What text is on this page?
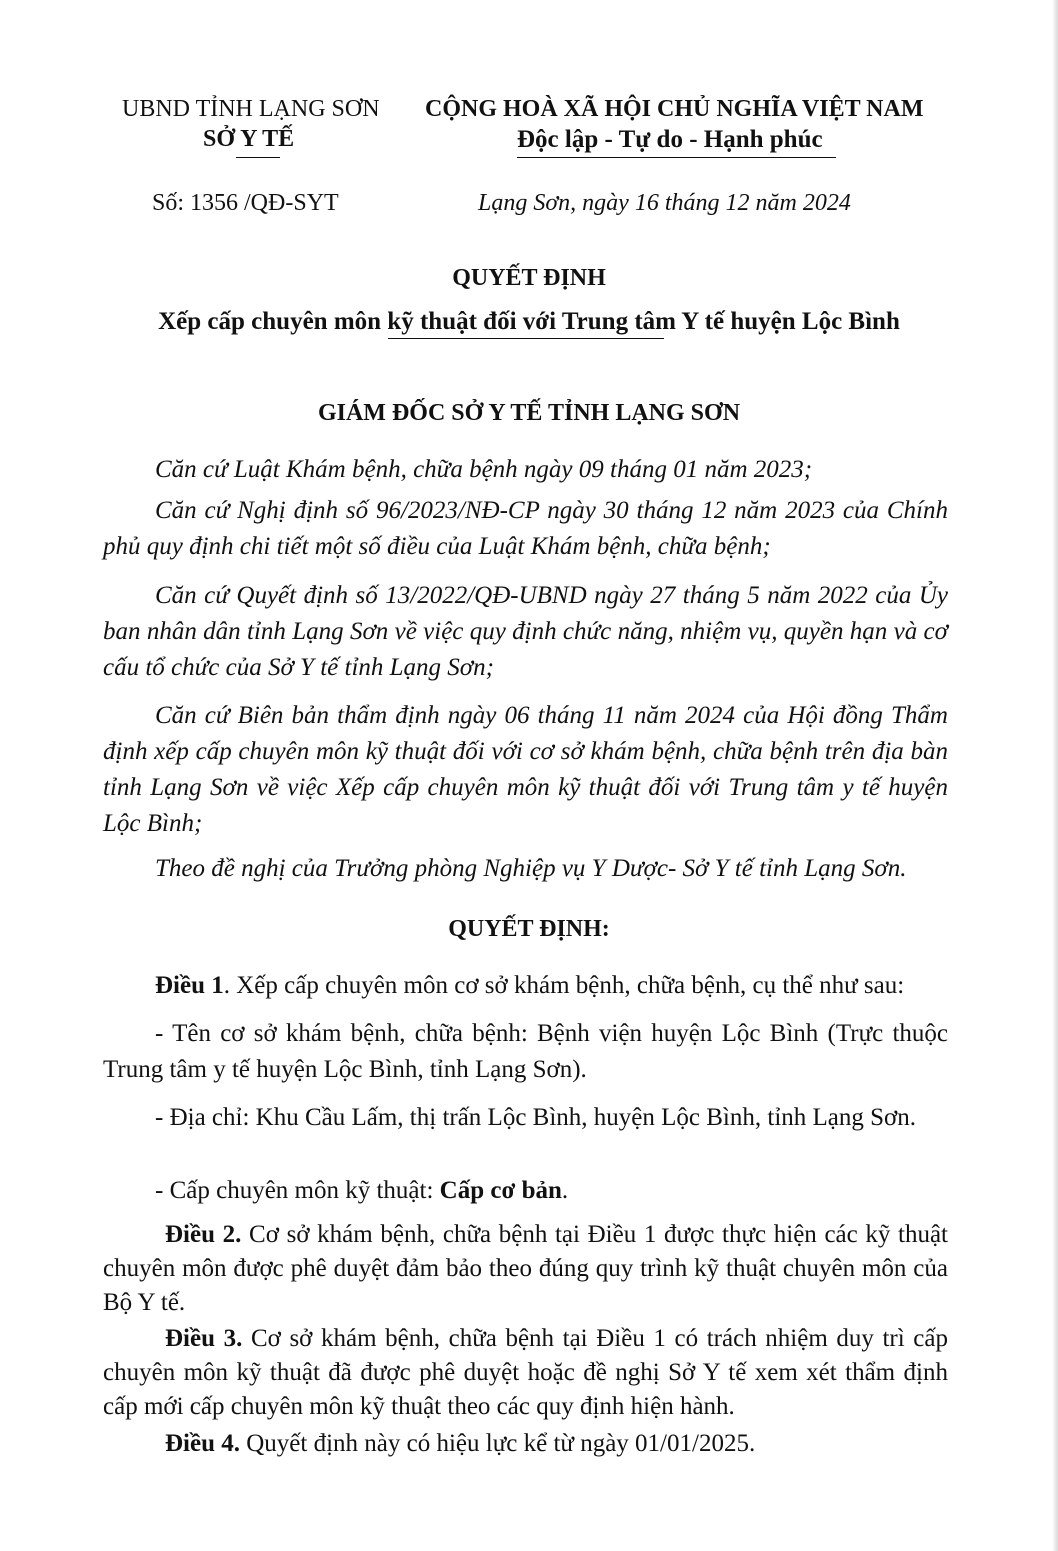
UBND TỈNH LẠNG SƠN
SỞ Y TẾ
CỘNG HOÀ XÃ HỘI CHỦ NGHĨA VIỆT NAM
Độc lập - Tự do - Hạnh phúc
Số: 1356 /QĐ-SYT	Lạng Sơn, ngày 16 tháng 12 năm 2024
QUYẾT ĐỊNH
Xếp cấp chuyên môn kỹ thuật đối với Trung tâm Y tế huyện Lộc Bình
GIÁM ĐỐC SỞ Y TẾ TỈNH LẠNG SƠN
Căn cứ Luật Khám bệnh, chữa bệnh ngày 09 tháng 01 năm 2023;
Căn cứ Nghị định số 96/2023/NĐ-CP ngày 30 tháng 12 năm 2023 của Chính phủ quy định chi tiết một số điều của Luật Khám bệnh, chữa bệnh;
Căn cứ Quyết định số 13/2022/QĐ-UBND ngày 27 tháng 5 năm 2022 của Ủy ban nhân dân tỉnh Lạng Sơn về việc quy định chức năng, nhiệm vụ, quyền hạn và cơ cấu tổ chức của Sở Y tế tỉnh Lạng Sơn;
Căn cứ Biên bản thẩm định ngày 06 tháng 11 năm 2024 của Hội đồng Thẩm định xếp cấp chuyên môn kỹ thuật đối với cơ sở khám bệnh, chữa bệnh trên địa bàn tỉnh Lạng Sơn về việc Xếp cấp chuyên môn kỹ thuật đối với Trung tâm y tế huyện Lộc Bình;
Theo đề nghị của Trưởng phòng Nghiệp vụ Y Dược- Sở Y tế tỉnh Lạng Sơn.
QUYẾT ĐỊNH:
Điều 1. Xếp cấp chuyên môn cơ sở khám bệnh, chữa bệnh, cụ thể như sau:
- Tên cơ sở khám bệnh, chữa bệnh: Bệnh viện huyện Lộc Bình (Trực thuộc Trung tâm y tế huyện Lộc Bình, tỉnh Lạng Sơn).
- Địa chỉ: Khu Cầu Lấm, thị trấn Lộc Bình, huyện Lộc Bình, tỉnh Lạng Sơn.
- Cấp chuyên môn kỹ thuật: Cấp cơ bản.
Điều 2. Cơ sở khám bệnh, chữa bệnh tại Điều 1 được thực hiện các kỹ thuật chuyên môn được phê duyệt đảm bảo theo đúng quy trình kỹ thuật chuyên môn của Bộ Y tế.
Điều 3. Cơ sở khám bệnh, chữa bệnh tại Điều 1 có trách nhiệm duy trì cấp chuyên môn kỹ thuật đã được phê duyệt hoặc đề nghị Sở Y tế xem xét thẩm định cấp mới cấp chuyên môn kỹ thuật theo các quy định hiện hành.
Điều 4. Quyết định này có hiệu lực kể từ ngày 01/01/2025.
